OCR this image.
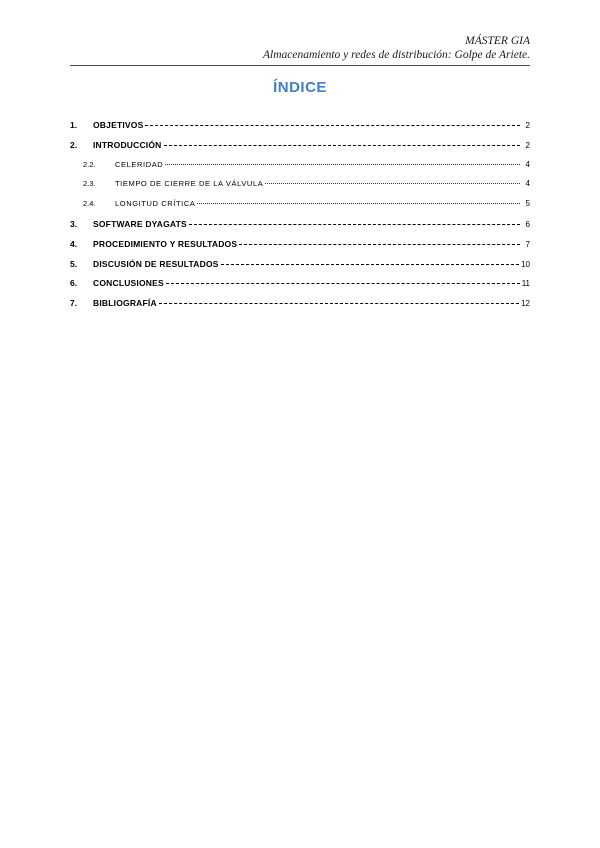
MÁSTER GIA
Almacenamiento y redes de distribución: Golpe de Ariete.
ÍNDICE
1.	OBJETIVOS	2
2.	INTRODUCCIÓN	2
2.2.	CELERIDAD	4
2.3.	TIEMPO DE CIERRE DE LA VÁLVULA	4
2.4.	LONGITUD CRÍTICA	5
3.	SOFTWARE DYAGATS	6
4.	PROCEDIMIENTO Y RESULTADOS	7
5.	DISCUSIÓN DE RESULTADOS	10
6.	CONCLUSIONES	11
7.	BIBLIOGRAFÍA	12
